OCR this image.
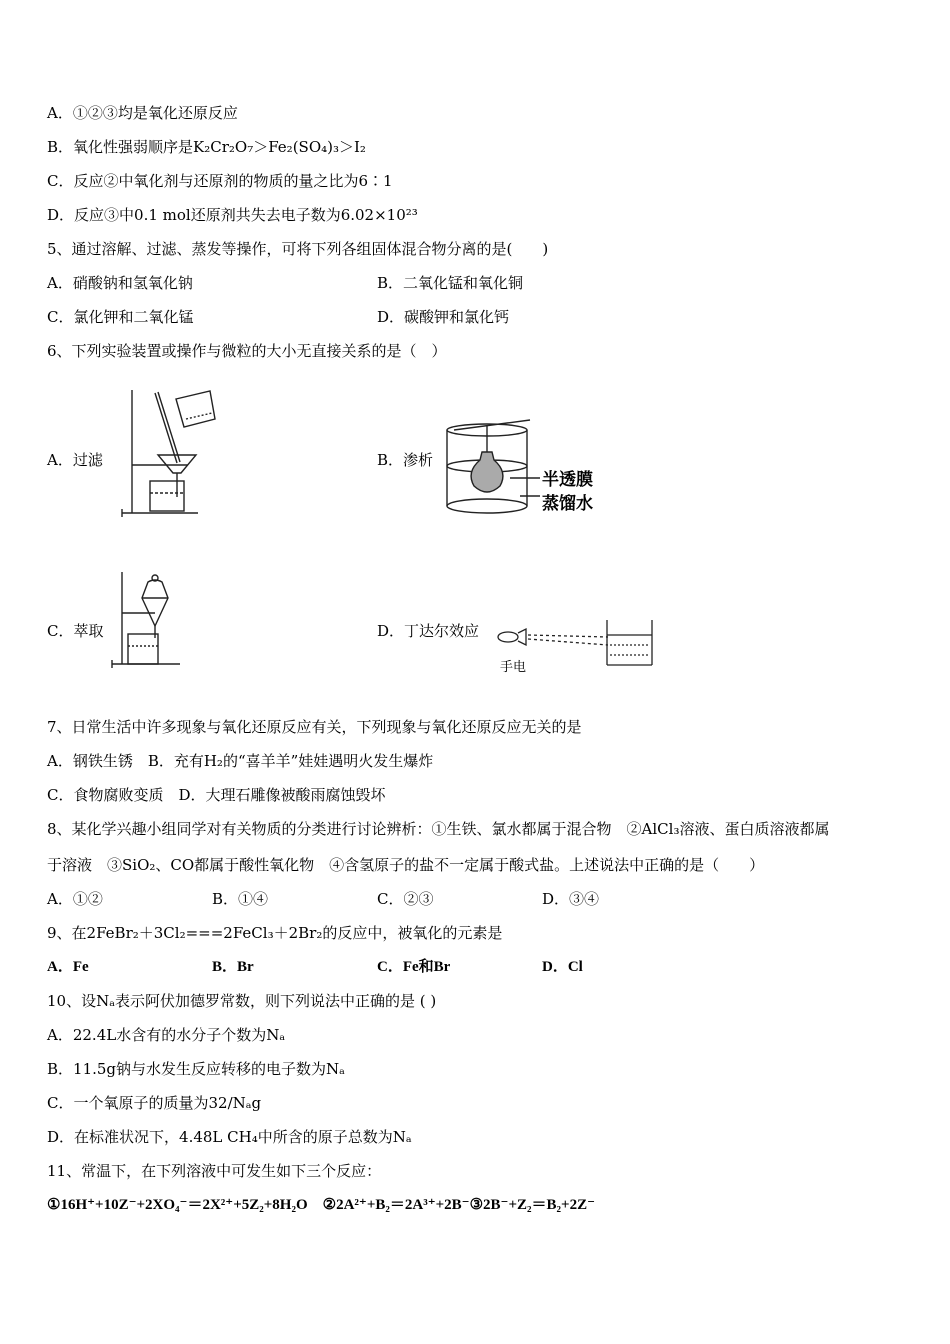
A．①②③均是氧化还原反应
B．氧化性强弱顺序是K₂Cr₂O₇＞Fe₂(SO₄)₃＞I₂
C．反应②中氧化剂与还原剂的物质的量之比为6∶1
D．反应③中0.1 mol还原剂共失去电子数为6.02×10²³
5、通过溶解、过滤、蒸发等操作，可将下列各组固体混合物分离的是(　　)
A．硝酸钠和氢氧化钠	B．二氧化锰和氧化铜
C．氯化钾和二氧化锰	D．碳酸钾和氯化钙
6、下列实验装置或操作与微粒的大小无直接关系的是（　）
A．过滤	B．渗析
C．萃取	D．丁达尔效应
半透膜
蒸馏水
手电
7、日常生活中许多现象与氧化还原反应有关，下列现象与氧化还原反应无关的是
A．钢铁生锈　B．充有H₂的“喜羊羊”娃娃遇明火发生爆炸
C．食物腐败变质　D．大理石雕像被酸雨腐蚀毁坏
8、某化学兴趣小组同学对有关物质的分类进行讨论辨析：①生铁、氯水都属于混合物　②AlCl₃溶液、蛋白质溶液都属
于溶液　③SiO₂、CO都属于酸性氧化物　④含氢原子的盐不一定属于酸式盐。上述说法中正确的是（　　）
A．①②	B．①④	C．②③	D．③④
9、在2FeBr₂＋3Cl₂===2FeCl₃＋2Br₂的反应中，被氧化的元素是
A．Fe	B．Br	C．Fe和Br	D．Cl
10、设Nₐ表示阿伏加德罗常数，则下列说法中正确的是 ( )
A．22.4L水含有的水分子个数为Nₐ
B．11.5g钠与水发生反应转移的电子数为Nₐ
C．一个氧原子的质量为32/Nₐg
D．在标准状况下，4.48L CH₄中所含的原子总数为Nₐ
11、常温下，在下列溶液中可发生如下三个反应：
①16H⁺+10Z⁻+2XO₄⁻＝2X²⁺+5Z₂+8H₂O　②2A²⁺+B₂＝2A³⁺+2B⁻③2B⁻+Z₂＝B₂+2Z⁻
